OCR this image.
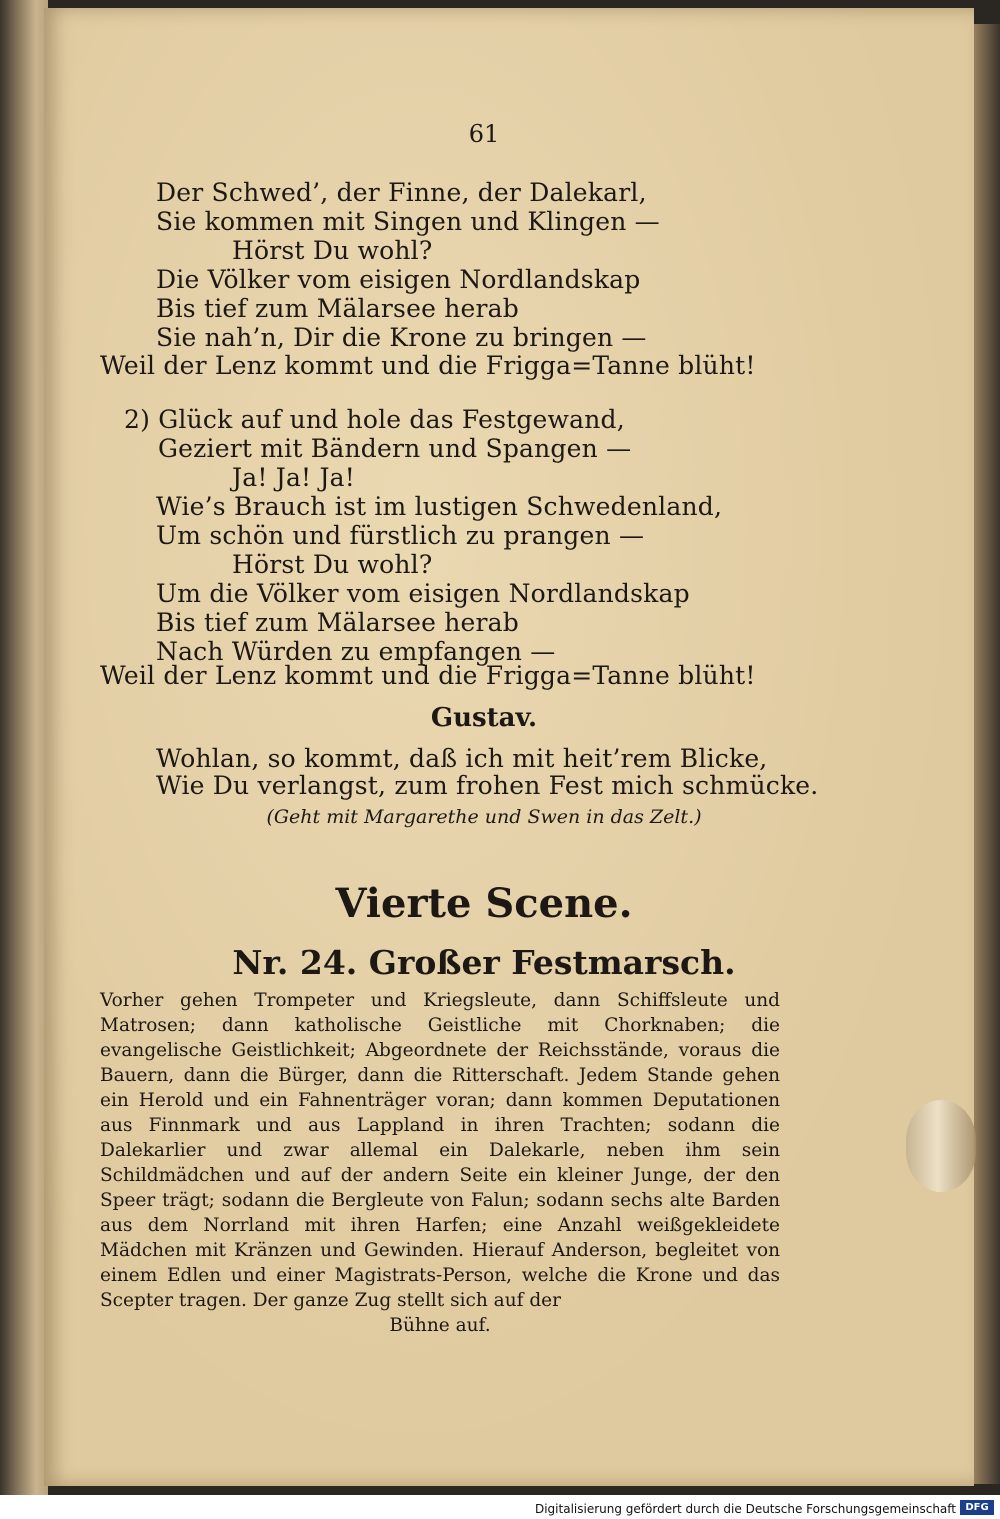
61
Der Schwed’, der Finne, der Dalekarl,
Sie kommen mit Singen und Klingen —
Hörst Du wohl?
Die Völker vom eisigen Nordlandskap
Bis tief zum Mälarsee herab
Sie nah’n, Dir die Krone zu bringen —
Weil der Lenz kommt und die Frigga=Tanne blüht!
2) Glück auf und hole das Festgewand,
Geziert mit Bändern und Spangen —
Ja! Ja! Ja!
Wie’s Brauch ist im lustigen Schwedenland,
Um schön und fürstlich zu prangen —
Hörst Du wohl?
Um die Völker vom eisigen Nordlandskap
Bis tief zum Mälarsee herab
Nach Würden zu empfangen —
Weil der Lenz kommt und die Frigga=Tanne blüht!
Gustav.
Wohlan, so kommt, daß ich mit heit’rem Blicke,
Wie Du verlangst, zum frohen Fest mich schmücke.
(Geht mit Margarethe und Swen in das Zelt.)
Vierte Scene.
Nr. 24. Großer Festmarsch.
Vorher gehen Trompeter und Kriegsleute, dann Schiffsleute und Matrosen; dann katholische Geistliche mit Chorknaben; die evangelische Geistlichkeit; Abgeordnete der Reichsstände, voraus die Bauern, dann die Bürger, dann die Ritterschaft. Jedem Stande gehen ein Herold und ein Fahnenträger voran; dann kommen Deputationen aus Finnmark und aus Lappland in ihren Trachten; sodann die Dalekarlier und zwar allemal ein Dalekarle, neben ihm sein Schildmädchen und auf der andern Seite ein kleiner Junge, der den Speer trägt; sodann die Bergleute von Falun; sodann sechs alte Barden aus dem Norrland mit ihren Harfen; eine Anzahl weißgekleidete Mädchen mit Kränzen und Gewinden. Hierauf Anderson, begleitet von einem Edlen und einer Magistrats-Person, welche die Krone und das Scepter tragen. Der ganze Zug stellt sich auf der
Bühne auf.
Digitalisierung gefördert durch die Deutsche Forschungsgemeinschaft DFG
